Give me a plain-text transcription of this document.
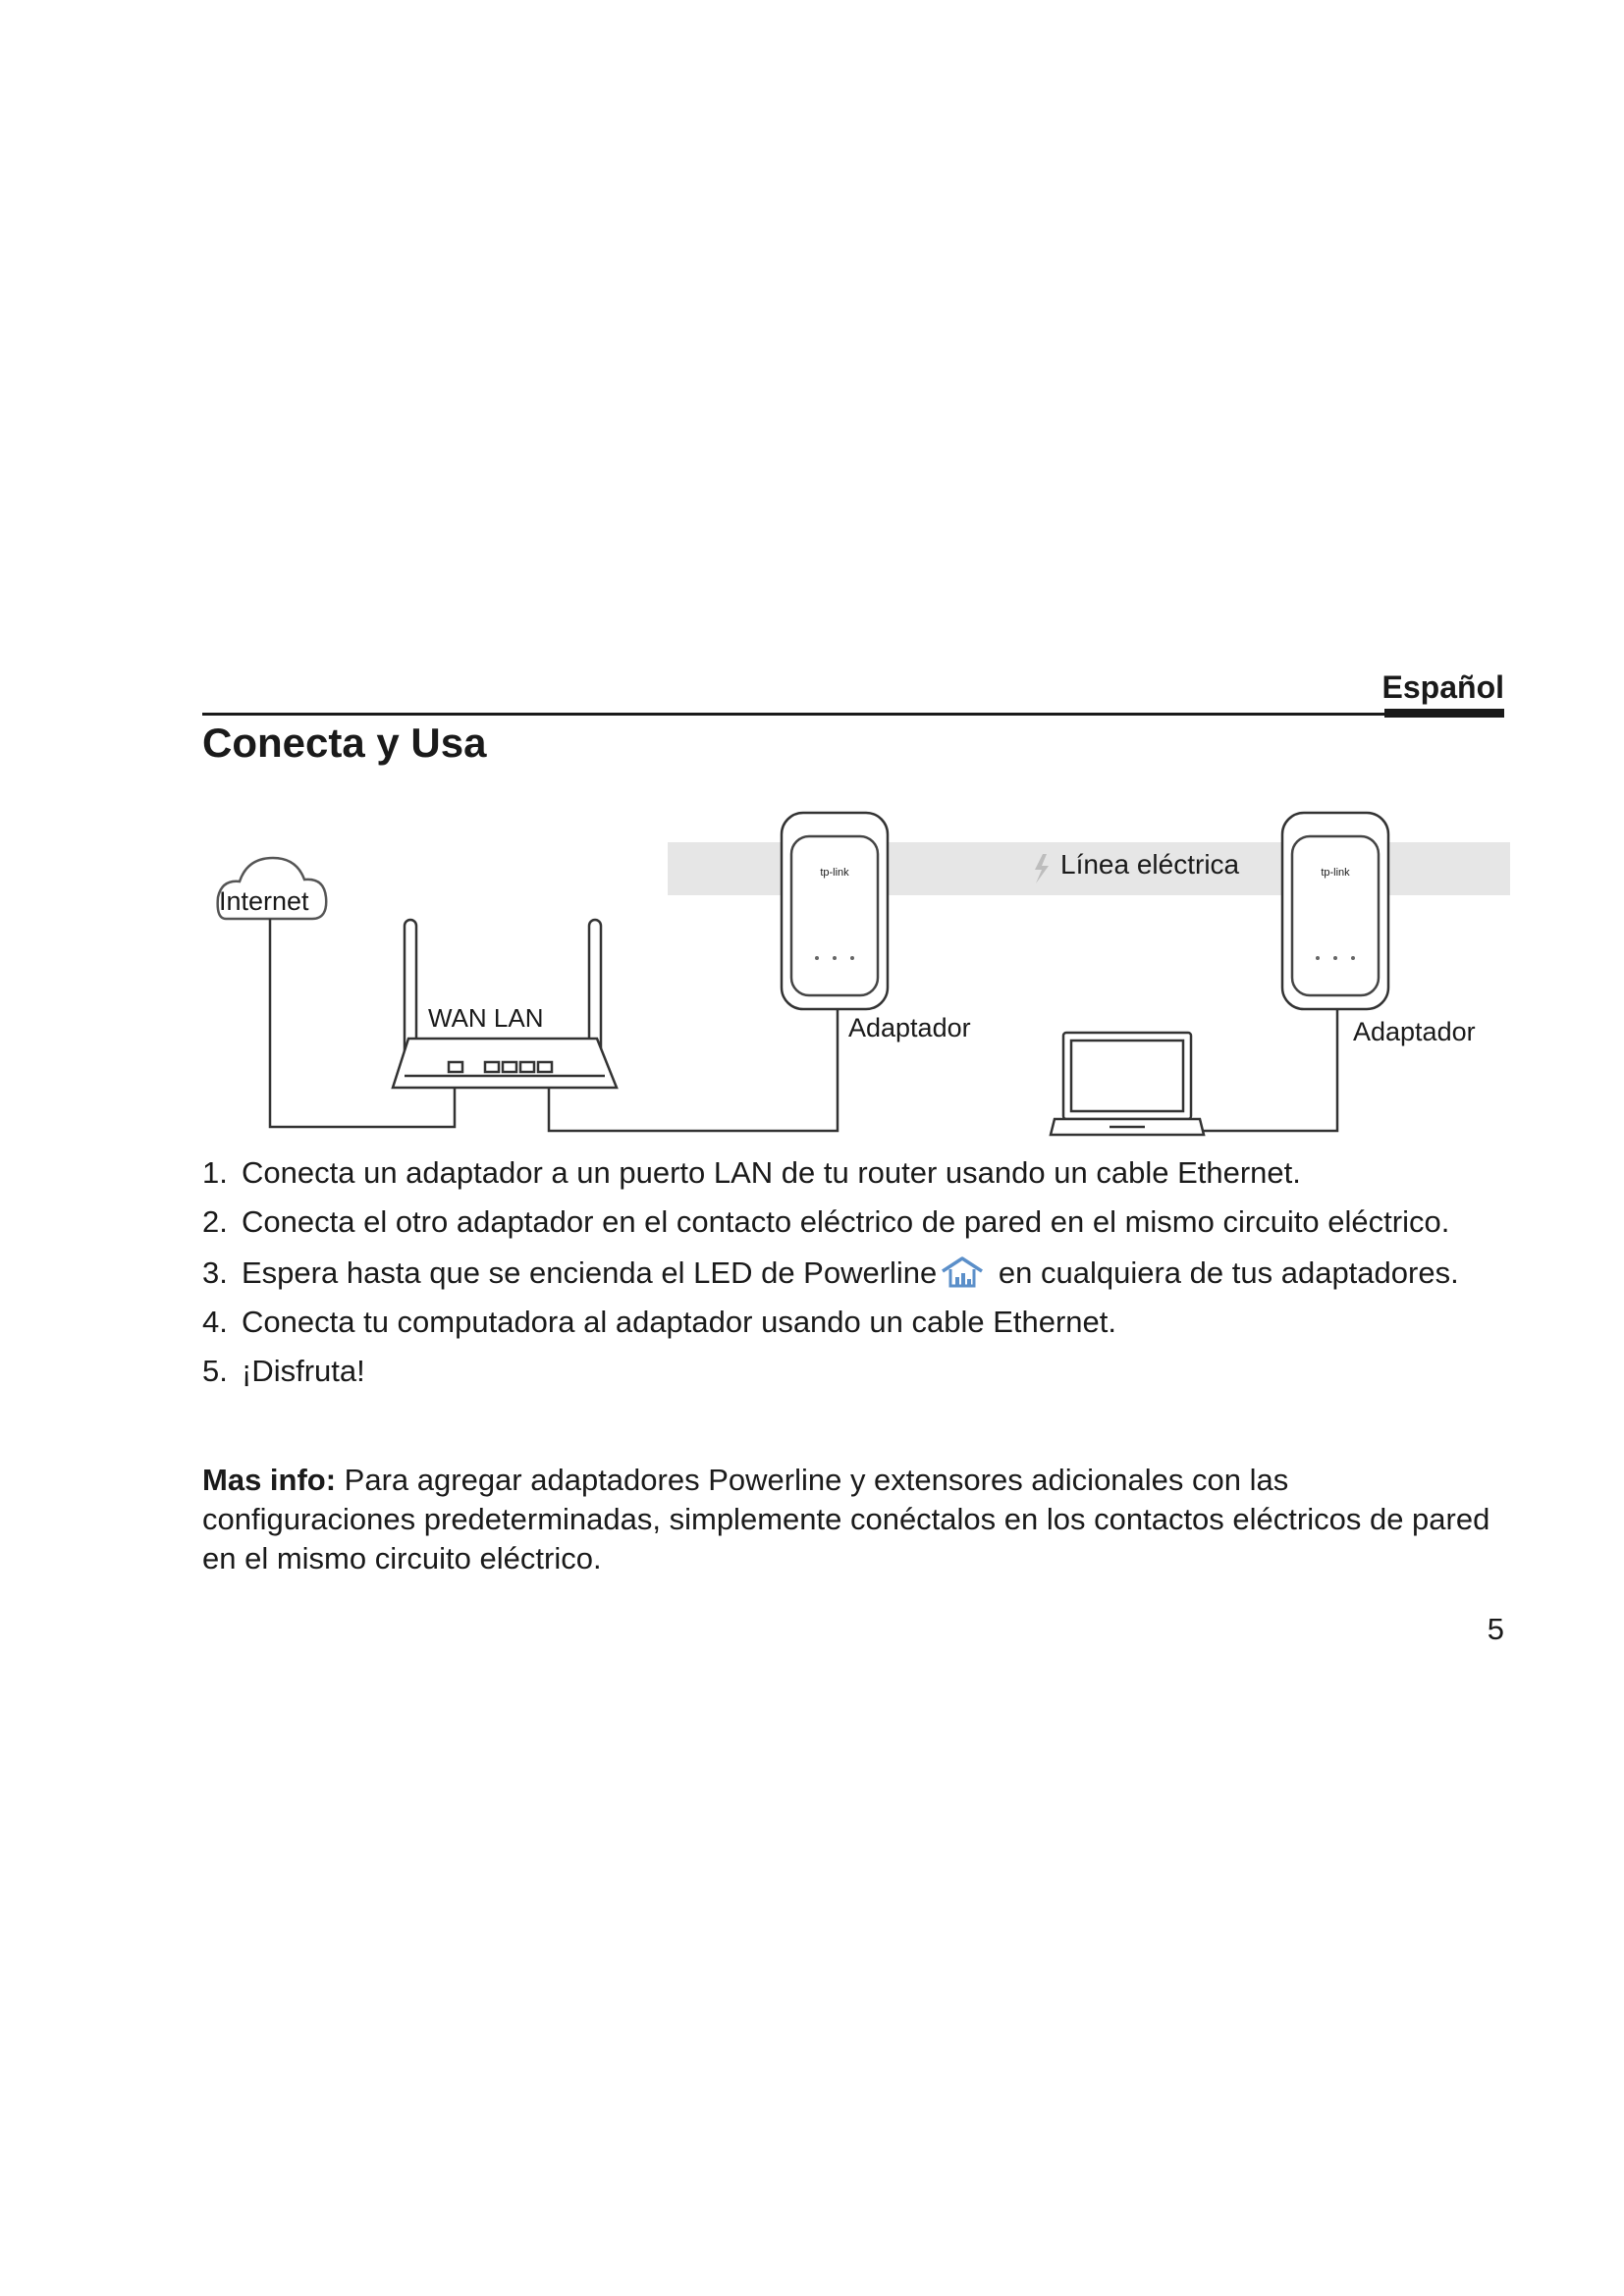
Español
Conecta y Usa
Línea eléctrica
Internet
WAN LAN
tp-link
Adaptador
tp-link
Adaptador
1. Conecta un adaptador a un puerto LAN de tu router usando un cable Ethernet.
2. Conecta el otro adaptador en el contacto eléctrico de pared en el mismo circuito eléctrico.
3. Espera hasta que se encienda el LED de Powerline en cualquiera de tus adaptadores.
4. Conecta tu computadora al adaptador usando un cable Ethernet.
5. ¡Disfruta!

Mas info: Para agregar adaptadores Powerline y extensores adicionales con las configuraciones predeterminadas, simplemente conéctalos en los contactos eléctricos de pared en el mismo circuito eléctrico.

5
